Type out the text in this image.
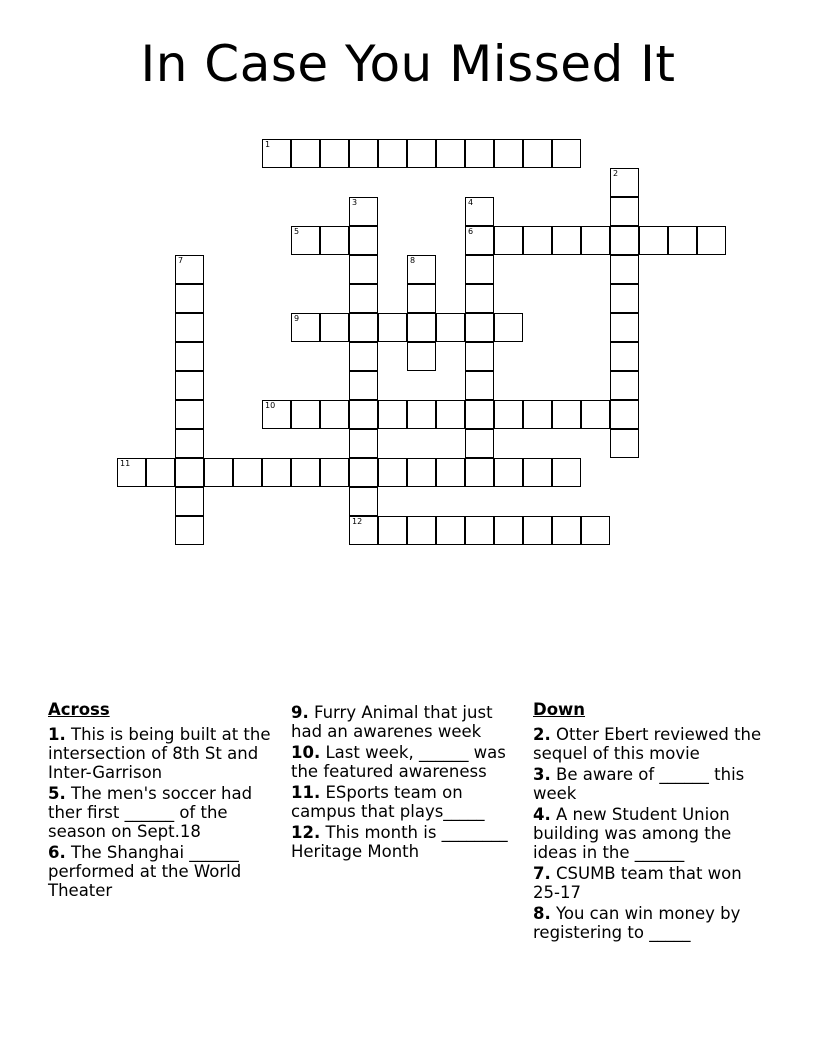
In Case You Missed It
1
2
3	4
5	6
7	8
9
10
11
12
Across
1. This is being built at the intersection of 8th St and Inter-Garrison
5. The men's soccer had ther first ______ of the season on Sept.18
6. The Shanghai ______ performed at the World Theater
9. Furry Animal that just had an awarenes week
10. Last week, ______ was the featured awareness
11. ESports team on campus that plays_____
12. This month is ________ Heritage Month
Down
2. Otter Ebert reviewed the sequel of this movie
3. Be aware of ______ this week
4. A new Student Union building was among the ideas in the ______
7. CSUMB team that won 25-17
8. You can win money by registering to _____
